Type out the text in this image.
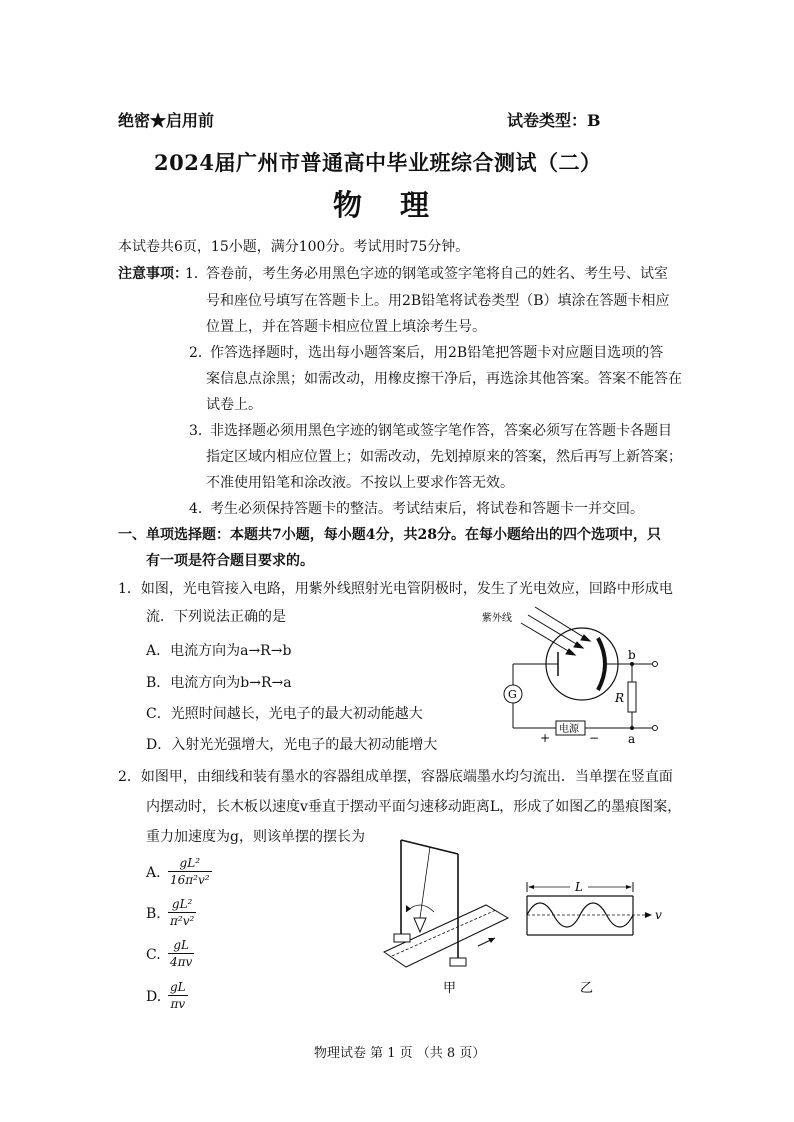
绝密★启用前	试卷类型：B
2024届广州市普通高中毕业班综合测试（二）
物理
本试卷共6页，15小题，满分100分。考试用时75分钟。
注意事项：
1．
答卷前，考生务必用黑色字迹的钢笔或签字笔将自己的姓名、考生号、试室
号和座位号填写在答题卡上。用2B铅笔将试卷类型（B）填涂在答题卡相应
位置上，并在答题卡相应位置上填涂考生号。
2．
作答选择题时，选出每小题答案后，用2B铅笔把答题卡对应题目选项的答
案信息点涂黑；如需改动，用橡皮擦干净后，再选涂其他答案。答案不能答在
试卷上。
3．
非选择题必须用黑色字迹的钢笔或签字笔作答，答案必须写在答题卡各题目
指定区域内相应位置上；如需改动，先划掉原来的答案，然后再写上新答案；
不准使用铅笔和涂改液。不按以上要求作答无效。
4．
考生必须保持答题卡的整洁。考试结束后，将试卷和答题卡一并交回。
一、单项选择题：本题共7小题，每小题4分，共28分。在每小题给出的四个选项中，只
有一项是符合题目要求的。
1．如图，光电管接入电路，用紫外线照射光电管阴极时，发生了光电效应，回路中形成电
流．下列说法正确的是
A．电流方向为a→R→b
B．电流方向为b→R→a
C．光照时间越长，光电子的最大初动能越大
D．入射光光强增大，光电子的最大初动能增大
紫外线
R
b
a
G
电源
+	−
2．如图甲，由细线和装有墨水的容器组成单摆，容器底端墨水均匀流出．当单摆在竖直面
内摆动时，长木板以速度v垂直于摆动平面匀速移动距离L，形成了如图乙的墨痕图案，
重力加速度为g，则该单摆的摆长为
A. $\frac{\text{gL²}}{\text{16π²v²}}$
B. $\frac{\text{gL²}}{\text{π²v²}}$
C. $\frac{gL}{4\pi v}$
D. $\frac{gL}{\pi v}$	甲
L
v
乙
物理试卷 第 1 页 （共 8 页）
